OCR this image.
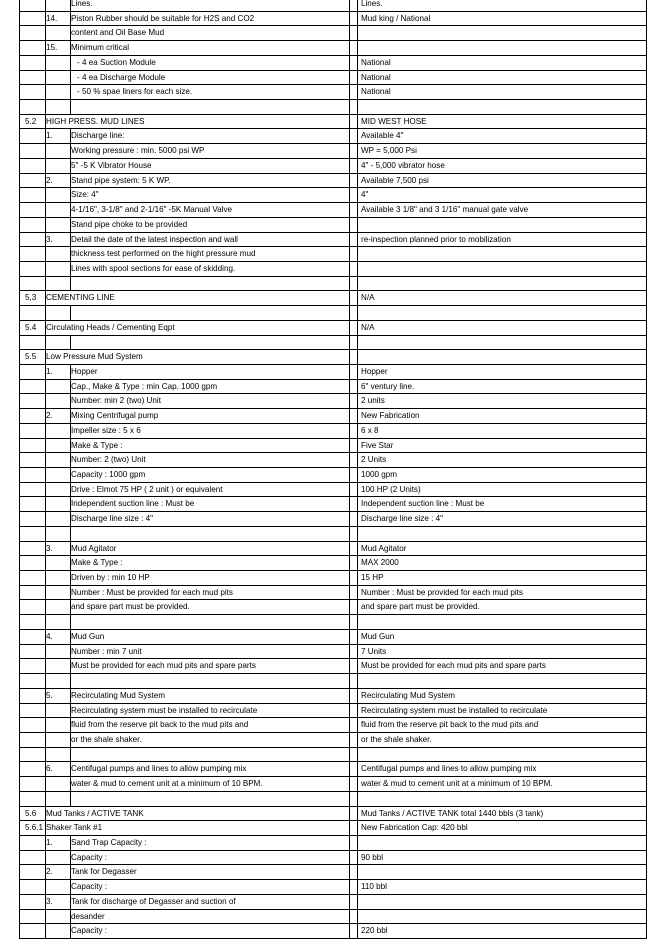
		Lines.		Lines.
	14.	Piston Rubber should be suitable for H2S and CO2		Mud king / National
		content and Oil Base Mud		
	15.	Minimum critical		
		- 4 ea Suction Module		National
		- 4 ea Discharge Module		National
		- 50 % spae liners for each size.		National

5.2	HIGH PRESS. MUD LINES			MID WEST HOSE
	1.	Discharge line:		Available 4"
		Working pressure : min. 5000 psi WP		WP = 5,000 Psi
		5" -5 K Vibrator House		4" - 5,000 vibrator hose
	2.	Stand pipe system: 5 K WP.		Available 7,500 psi
		Size: 4"		4"
		4-1/16", 3-1/8" and 2-1/16" -5K Manual Valve		Available 3 1/8" and 3 1/16" manual gate valve
		Stand pipe choke to be provided		
	3.	Detail the date of the latest inspection and wall		re-inspection planned prior to mobilization
		thickness test performed on the hight pressure mud		
		Lines with spool sections for ease of skidding.		

5,3	CEMENTING LINE			N/A

5.4	Circulating Heads / Cementing Eqpt			N/A

5.5	Low Pressure Mud System			
	1.	Hopper		Hopper
		Cap., Make & Type : min Cap. 1000 gpm		6" ventury line.
		Number: min 2 (two) Unit		2 units
	2.	Mixing Centrifugal pump		New Fabrication
		Impeller size : 5 x 6		6 x 8
		Make & Type :		Five Star
		Number: 2 (two) Unit		2 Units
		Capacity : 1000 gpm		1000 gpm
		Drive : Elmot 75 HP ( 2 unit ) or equivalent		100 HP (2 Units)
		Independent suction line : Must be		Independent suction line : Must be
		Discharge line size : 4"		Discharge line size : 4"

	3.	Mud Agitator		Mud Agitator
		Make & Type :		MAX 2000
		Driven by : min 10 HP		15 HP
		Number : Must be provided for each mud pits		Number : Must be provided for each mud pits
		and spare part must be provided.		and spare part must be provided.

	4.	Mud Gun		Mud Gun
		Number : min 7 unit		7 Units
		Must be provided for each mud pits and spare parts		Must be provided for each mud pits and spare parts

	5.	Recirculating Mud System		Recirculating Mud System
		Recirculating system must be installed to recirculate		Recirculating system must be installed to recirculate
		fluid from the reserve pit back to the mud pits and		fluid from the reserve pit back to the mud pits and
		or the shale shaker.		or the shale shaker.

	6.	Centifugal pumps and lines to allow pumping mix		Centifugal pumps and lines to allow pumping mix
		water & mud to cement unit at a minimum of 10 BPM.		water & mud to cement unit at a minimum of 10 BPM.

5.6	Mud Tanks / ACTIVE TANK			Mud Tanks / ACTIVE TANK total 1440 bbls (3 tank)
5.6.1	Shaker Tank #1			New Fabrication Cap: 420 bbl
	1.	Sand Trap Capacity :		
		Capacity :		90 bbl
	2.	Tank for Degasser		
		Capacity :		110 bbl
	3.	Tank for discharge of Degasser and suction of		
		desander		
		Capacity :		220 bbl
